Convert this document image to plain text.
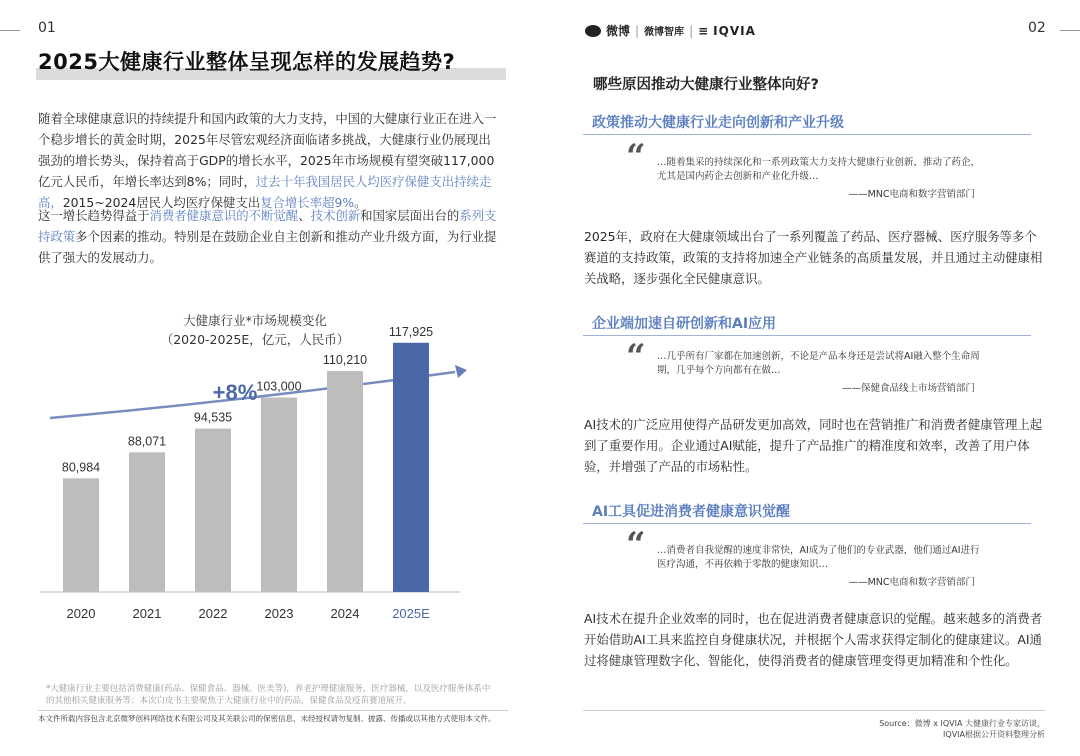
01
2025大健康行业整体呈现怎样的发展趋势?
随着全球健康意识的持续提升和国内政策的大力支持，中国的大健康行业正在进入一个稳步增长的黄金时期，2025年尽管宏观经济面临诸多挑战，大健康行业仍展现出强劲的增长势头，保持着高于GDP的增长水平，2025年市场规模有望突破117,000亿元人民币，年增长率达到8%；同时，过去十年我国居民人均医疗保健支出持续走高，2015~2024居民人均医疗保健支出复合增长率超9%。
这一增长趋势得益于消费者健康意识的不断觉醒、技术创新和国家层面出台的系列支持政策多个因素的推动。特别是在鼓励企业自主创新和推动产业升级方面，为行业提供了强大的发展动力。
大健康行业*市场规模变化
（2020-2025E，亿元，人民币）
+8%
80,984
2020
88,071
2021
94,535
2022
103,000
2023
110,210
2024
117,925
2025E
*大健康行业主要包括消费健康(药品、保健食品、器械、医美等)，养老护理健康服务，医疗器械，以及医疗服务体系中的其他相关健康服务等；本次白皮书主要聚焦于大健康行业中的药品，保健食品及疫苗赛道展开。
本文件所载内容包含北京微梦创科网络技术有限公司及其关联公司的保密信息，未经授权请勿复制、披露、传播或以其他方式使用本文件。
02
微博 | 微博智库 | ≡ IQVIA
哪些原因推动大健康行业整体向好?
政策推动大健康行业走向创新和产业升级
“ …随着集采的持续深化和一系列政策大力支持大健康行业创新，推动了药企，尤其是国内药企去创新和产业化升级…
——MNC电商和数字营销部门
2025年，政府在大健康领域出台了一系列覆盖了药品、医疗器械、医疗服务等多个赛道的支持政策，政策的支持将加速全产业链条的高质量发展，并且通过主动健康相关战略，逐步强化全民健康意识。
企业端加速自研创新和AI应用
“ …几乎所有厂家都在加速创新，不论是产品本身还是尝试将AI融入整个生命周期，几乎每个方向都有在做…
——保健食品线上市场营销部门
AI技术的广泛应用使得产品研发更加高效，同时也在营销推广和消费者健康管理上起到了重要作用。企业通过AI赋能，提升了产品推广的精准度和效率，改善了用户体验，并增强了产品的市场粘性。
AI工具促进消费者健康意识觉醒
“ …消费者自我觉醒的速度非常快，AI成为了他们的专业武器，他们通过AI进行医疗沟通，不再依赖于零散的健康知识…
——MNC电商和数字营销部门
AI技术在提升企业效率的同时，也在促进消费者健康意识的觉醒。越来越多的消费者开始借助AI工具来监控自身健康状况，并根据个人需求获得定制化的健康建议。AI通过将健康管理数字化、智能化，使得消费者的健康管理变得更加精准和个性化。
Source：微博 x IQVIA 大健康行业专家访谈，
IQVIA根据公开资料整理分析
